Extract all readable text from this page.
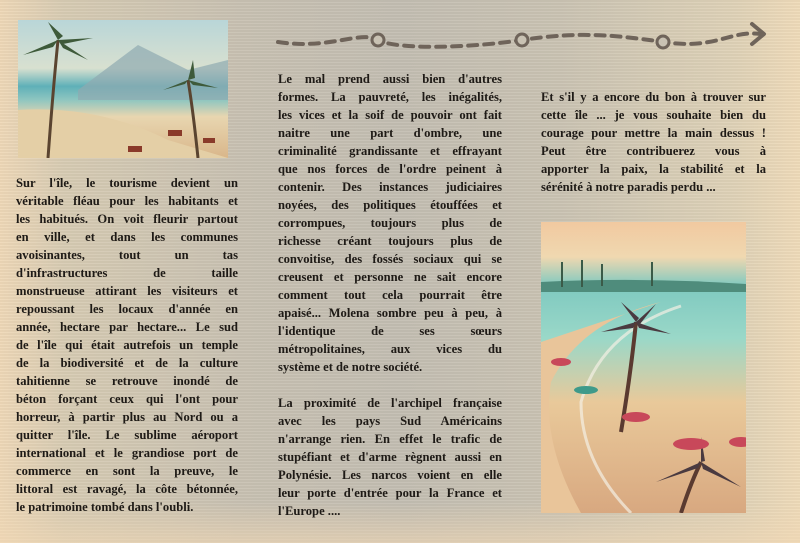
Sur l'île, le tourisme devient un
véritable fléau pour les habitants et
les habitués. On voit fleurir partout
en ville, et dans les communes
avoisinantes, tout un tas
d'infrastructures de taille
monstrueuse attirant les visiteurs et
repoussant les locaux d'année en
année, hectare par hectare... Le sud
de l'île qui était autrefois un temple
de la biodiversité et de la culture
tahitienne se retrouve inondé de
béton forçant ceux qui l'ont pour
horreur, à partir plus au Nord ou a
quitter l'île. Le sublime aéroport
international et le grandiose port de
commerce en sont la preuve, le
littoral est ravagé, la côte bétonnée,
le patrimoine tombé dans l'oubli.
Le mal prend aussi bien d'autres
formes. La pauvreté, les inégalités,
les vices et la soif de pouvoir ont fait
naitre une part d'ombre, une
criminalité grandissante et effrayant
que nos forces de l'ordre peinent à
contenir. Des instances judiciaires
noyées, des politiques étouffées et
corrompues, toujours plus de
richesse créant toujours plus de
convoitise, des fossés sociaux qui se
creusent et personne ne sait encore
comment tout cela pourrait être
apaisé... Molena sombre peu à peu, à
l'identique de ses sœurs
métropolitaines, aux vices du
système et de notre société.
La proximité de l'archipel française
avec les pays Sud Américains
n'arrange rien. En effet le trafic de
stupéfiant et d'arme règnent aussi en
Polynésie. Les narcos voient en elle
leur porte d'entrée pour la France et
l'Europe ....
Et s'il y a encore du bon à trouver sur
cette île ... je vous souhaite bien du
courage pour mettre la main dessus !
Peut être contribuerez vous à
apporter la paix, la stabilité et la
sérénité à notre paradis perdu ...
